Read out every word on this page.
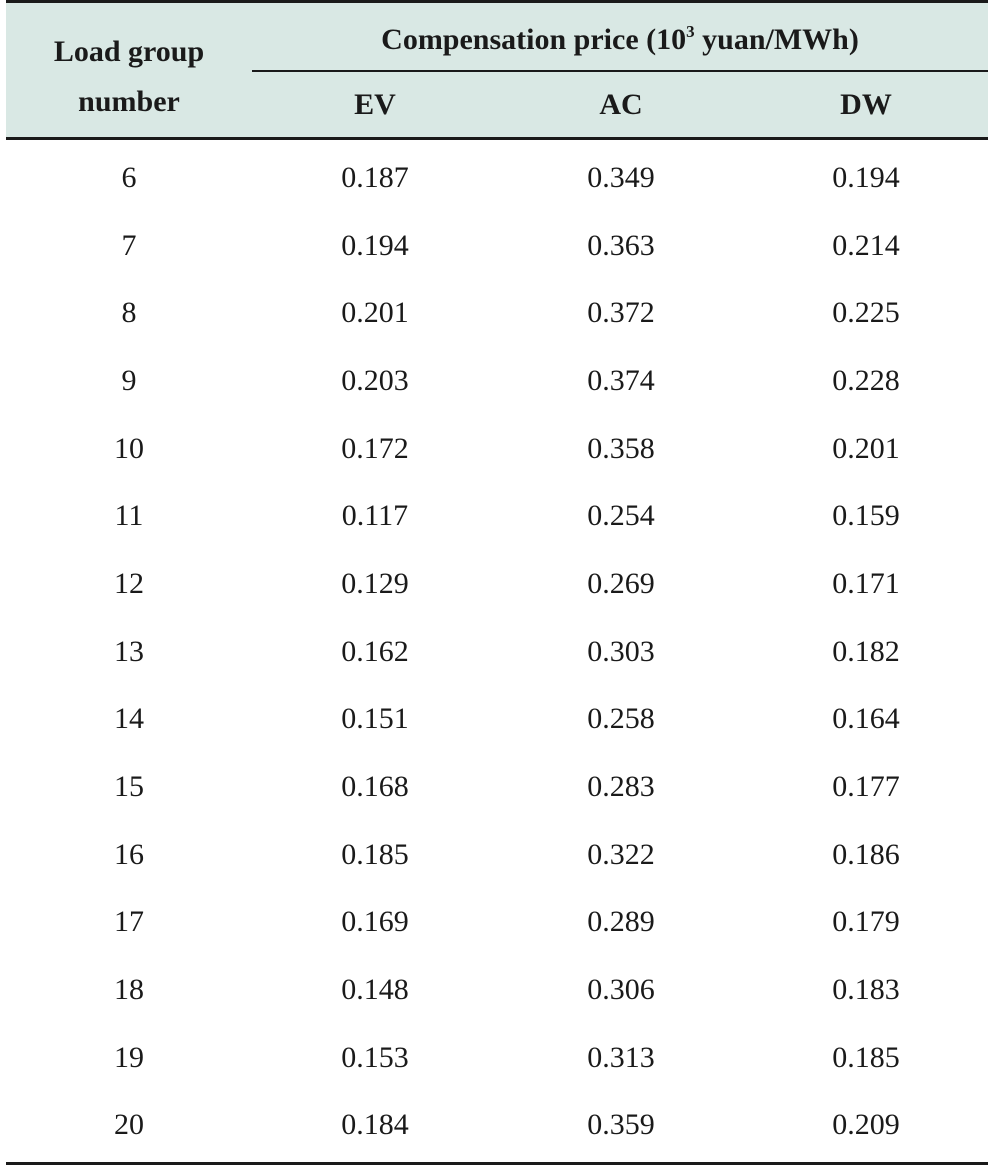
Load group
number
Compensation price ($10^3$ yuan/MWh)
EV	AC	DW
6	0.187	0.349	0.194
7	0.194	0.363	0.214
8	0.201	0.372	0.225
9	0.203	0.374	0.228
10	0.172	0.358	0.201
11	0.117	0.254	0.159
12	0.129	0.269	0.171
13	0.162	0.303	0.182
14	0.151	0.258	0.164
15	0.168	0.283	0.177
16	0.185	0.322	0.186
17	0.169	0.289	0.179
18	0.148	0.306	0.183
19	0.153	0.313	0.185
20	0.184	0.359	0.209
